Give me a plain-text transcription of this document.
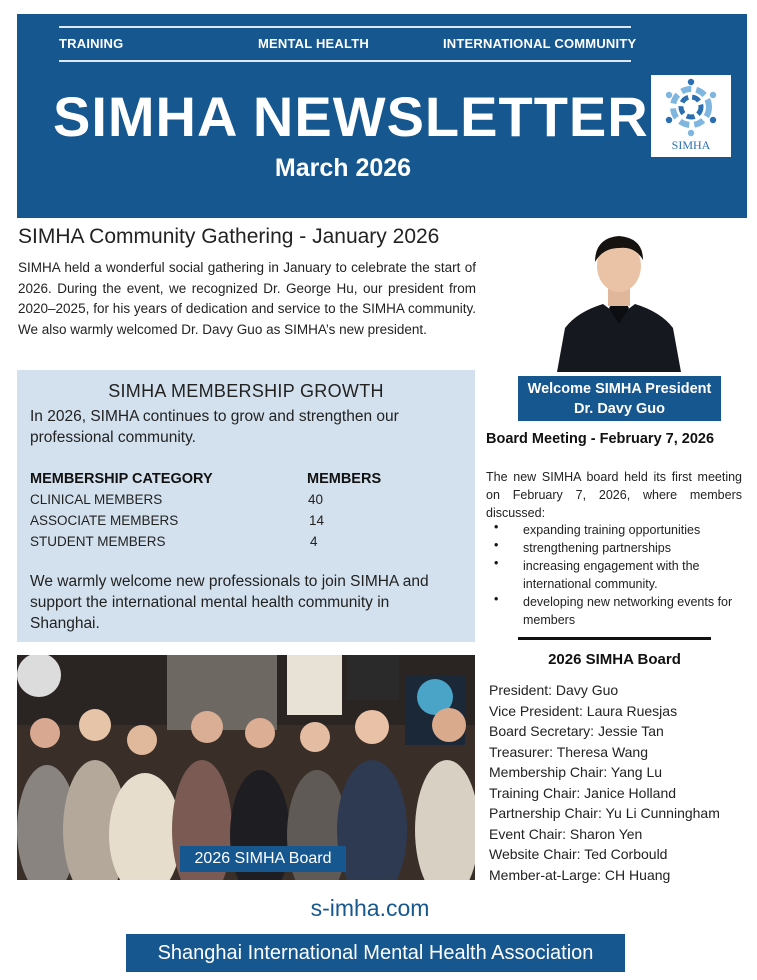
TRAINING	MENTAL HEALTH	INTERNATIONAL COMMUNITY
SIMHA NEWSLETTER
March 2026
SIMHA
SIMHA Community Gathering - January 2026
SIMHA held a wonderful social gathering in January to celebrate the start of 2026. During the event, we recognized Dr. George Hu, our president from 2020–2025, for his years of dedication and service to the SIMHA community. We also warmly welcomed Dr. Davy Guo as SIMHA’s new president.
Welcome SIMHA President
Dr. Davy Guo
SIMHA MEMBERSHIP GROWTH
In 2026, SIMHA continues to grow and strengthen our professional community.
MEMBERSHIP CATEGORY	MEMBERS
CLINICAL MEMBERS	40
ASSOCIATE MEMBERS	14
STUDENT MEMBERS	4
We warmly welcome new professionals to join SIMHA and support the international mental health community in Shanghai.
Board Meeting - February 7, 2026
The new SIMHA board held its first meeting on February 7, 2026, where members discussed:
• expanding training opportunities
• strengthening partnerships
• increasing engagement with the international community.
• developing new networking events for members
2026 SIMHA Board
President: Davy Guo
Vice President: Laura Ruesjas
Board Secretary: Jessie Tan
Treasurer: Theresa Wang
Membership Chair: Yang Lu
Training Chair: Janice Holland
Partnership Chair: Yu Li Cunningham
Event Chair: Sharon Yen
Website Chair: Ted Corbould
Member-at-Large: CH Huang
2026 SIMHA Board
s-imha.com
Shanghai International Mental Health Association
